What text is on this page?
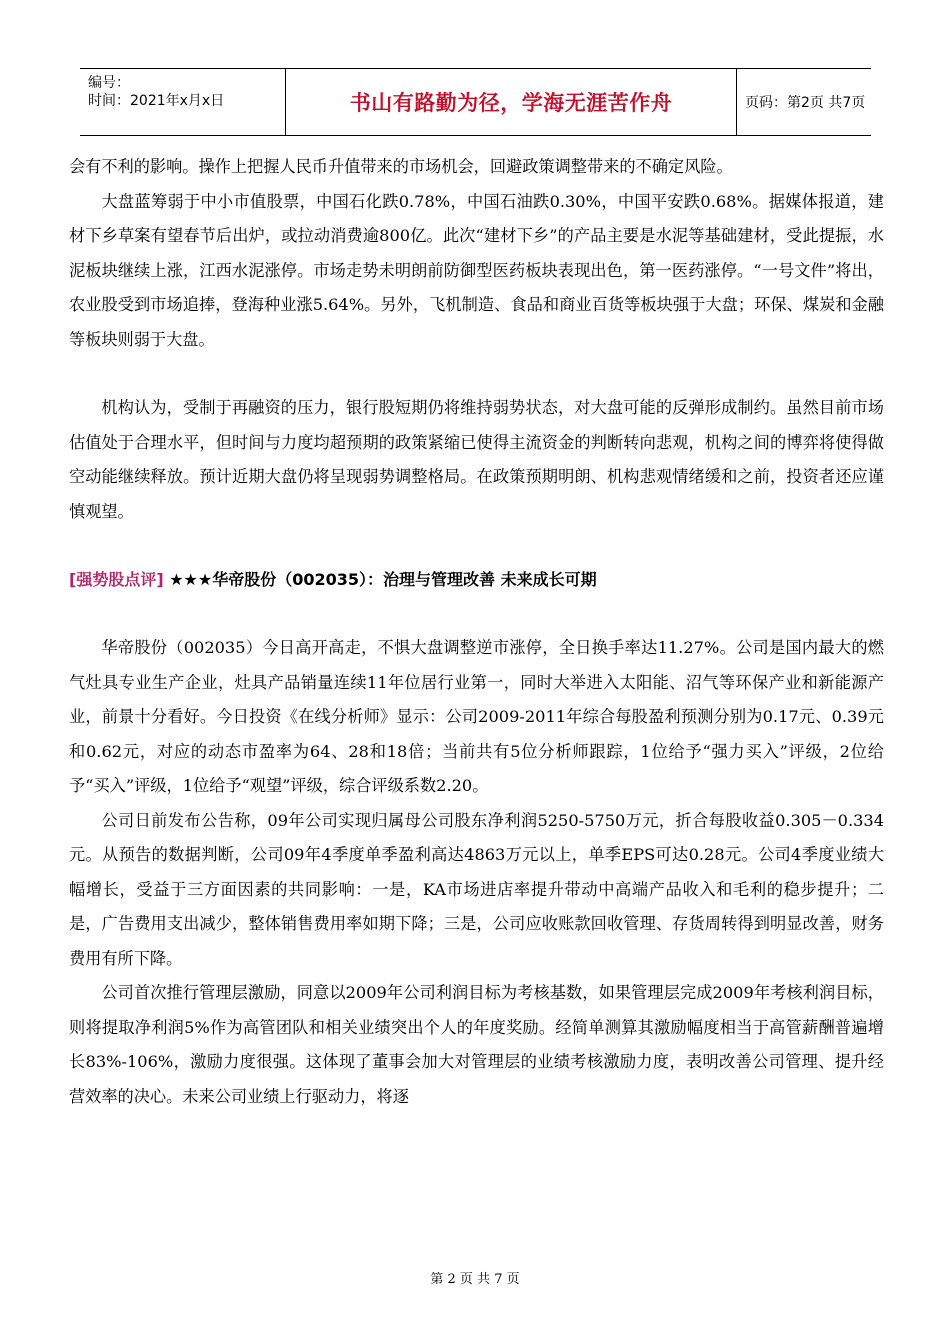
编号：
时间：2021年x月x日	书山有路勤为径，学海无涯苦作舟	页码：第2页 共7页

会有不利的影响。操作上把握人民币升值带来的市场机会，回避政策调整带来的不确定风险。

大盘蓝筹弱于中小市值股票，中国石化跌0.78%，中国石油跌0.30%，中国平安跌0.68%。据媒体报道，建材下乡草案有望春节后出炉，或拉动消费逾800亿。此次“建材下乡”的产品主要是水泥等基础建材，受此提振，水泥板块继续上涨，江西水泥涨停。市场走势未明朗前防御型医药板块表现出色，第一医药涨停。“一号文件”将出，农业股受到市场追捧，登海种业涨5.64%。另外，飞机制造、食品和商业百货等板块强于大盘；环保、煤炭和金融等板块则弱于大盘。

机构认为，受制于再融资的压力，银行股短期仍将维持弱势状态，对大盘可能的反弹形成制约。虽然目前市场估值处于合理水平，但时间与力度均超预期的政策紧缩已使得主流资金的判断转向悲观，机构之间的博弈将使得做空动能继续释放。预计近期大盘仍将呈现弱势调整格局。在政策预期明朗、机构悲观情绪缓和之前，投资者还应谨慎观望。

[强势股点评] ★★★华帝股份（002035）：治理与管理改善 未来成长可期

华帝股份（002035）今日高开高走，不惧大盘调整逆市涨停，全日换手率达11.27%。公司是国内最大的燃气灶具专业生产企业，灶具产品销量连续11年位居行业第一，同时大举进入太阳能、沼气等环保产业和新能源产业，前景十分看好。今日投资《在线分析师》显示：公司2009-2011年综合每股盈利预测分别为0.17元、0.39元和0.62元，对应的动态市盈率为64、28和18倍；当前共有5位分析师跟踪，1位给予“强力买入”评级，2位给予“买入”评级，1位给予“观望”评级，综合评级系数2.20。

公司日前发布公告称，09年公司实现归属母公司股东净利润5250-5750万元，折合每股收益0.305－0.334元。从预告的数据判断，公司09年4季度单季盈利高达4863万元以上，单季EPS可达0.28元。公司4季度业绩大幅增长，受益于三方面因素的共同影响：一是，KA市场进店率提升带动中高端产品收入和毛利的稳步提升；二是，广告费用支出减少，整体销售费用率如期下降；三是，公司应收账款回收管理、存货周转得到明显改善，财务费用有所下降。

公司首次推行管理层激励，同意以2009年公司利润目标为考核基数，如果管理层完成2009年考核利润目标，则将提取净利润5%作为高管团队和相关业绩突出个人的年度奖励。经简单测算其激励幅度相当于高管薪酬普遍增长83%-106%，激励力度很强。这体现了董事会加大对管理层的业绩考核激励力度，表明改善公司管理、提升经营效率的决心。未来公司业绩上行驱动力，将逐

第 2 页 共 7 页
